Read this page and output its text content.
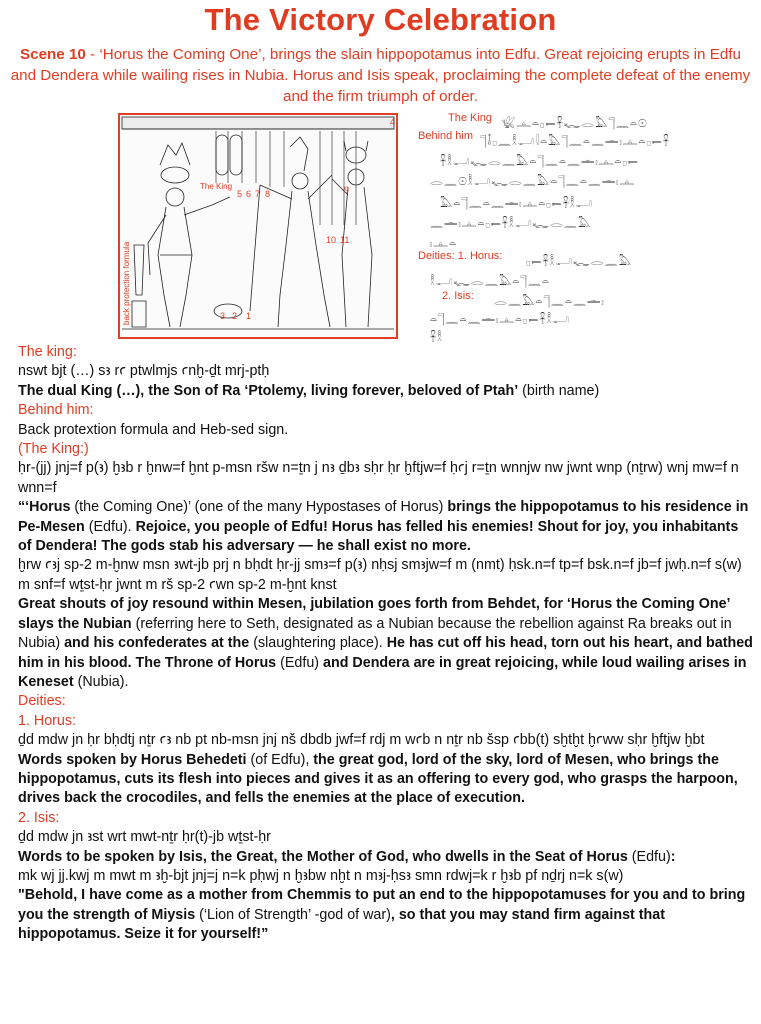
The Victory Celebration
Scene 10 - ‘Horus the Coming One’, brings the slain hippopotamus into Edfu. Great rejoicing erupts in Edfu and Dendera while wailing rises in Nubia. Horus and Isis speak, proclaiming the complete defeat of the enemy and the firm triumph of order.
The King
back protection formula
4
5 6 7 8	9
10 11
3 2 1
The King 𓆤𓊵𓏏𓊪𓍿𓋹𓆑𓂋𓅓𓊹𓈖𓏏𓇳
Behind him 𓊹𓄤𓊪𓈖𓎛𓂝𓇋𓏏𓅓𓊹𓈖𓏏𓈖𓏛𓏤𓊵𓏏𓊪𓍿𓋹
𓋹𓎛𓂝𓆑𓂋𓈖𓅓𓏏𓊹𓈖𓏏𓈖𓏛𓏤𓊵𓏏𓊪𓍿
𓂋𓈖𓇳𓎛𓂝𓆑𓂋𓈖𓅓𓏏𓊹𓈖𓏏𓈖𓏛𓏤𓊵
𓅓𓏏𓊹𓈖𓏏𓈖𓏛𓏤𓊵𓏏𓊪𓍿𓋹𓎛𓂝
𓈖𓏛𓏤𓊵𓏏𓊪𓍿𓋹𓎛𓂝𓆑𓂋𓈖𓅓
𓏤𓊵𓏏
Deities: 1. Horus: 𓊪𓍿𓋹𓎛𓂝𓆑𓂋𓈖𓅓
𓎛𓂝𓆑𓂋𓈖𓅓𓏏𓊹𓈖𓏏
2. Isis: 𓂋𓈖𓅓𓏏𓊹𓈖𓏏𓈖𓏛𓏤
𓏏𓊹𓈖𓏏𓈖𓏛𓏤𓊵𓏏𓊪𓍿𓋹𓎛𓂝
𓋹𓎛

The king:

nswt bjt (…) sꜣ rꜥ ptwlmjs ꜥnḫ-ḏt mrj-ptḥ

The dual King (…), the Son of Ra ‘Ptolemy, living forever, beloved of Ptah’ (birth name)

Behind him:

Back protextion formula and Heb-sed sign.

(The King:)

ḥr-(jj) jnj=f p(ꜣ) ḫꜣb r ḫnw=f ḫnt p-msn ršw n=ṯn j nꜣ ḏbꜣ sḥr ḥr ḫftjw=f ḥꜥj r=ṯn wnnjw nw jwnt wnp (nṯrw) wnj mw=f n wnn=f

“‘Horus (the Coming One)’ (one of the many Hypostases of Horus) brings the hippopotamus to his residence in Pe-Mesen (Edfu). Rejoice, you people of Edfu! Horus has felled his enemies! Shout for joy, you inhabitants of Dendera! The gods stab his adversary — he shall exist no more.

ḫrw ꜥꜣj sp-2 m-ḫnw msn ꜣwt-jb prj n bḥdt ḥr-jj smꜣ=f p(ꜣ) nḥsj smꜣjw=f m (nmt) ḥsk.n=f tp=f bsk.n=f jb=f jwḥ.n=f s(w) m snf=f wṯst-ḥr jwnt m rš sp-2 ꜥwn sp-2 m-ḫnt knst

Great shouts of joy resound within Mesen, jubilation goes forth from Behdet, for ‘Horus the Coming One’ slays the Nubian (referring here to Seth, designated as a Nubian because the rebellion against Ra breaks out in Nubia) and his confederates at the (slaughtering place). He has cut off his head, torn out his heart, and bathed him in his blood. The Throne of Horus (Edfu) and Dendera are in great rejoicing, while loud wailing arises in Keneset (Nubia).

Deities:

1. Horus:

ḏd mdw jn ḥr bḥdtj nṯr ꜥꜣ nb pt nb-msn jnj nš dbdb jwf=f rdj m wꜥb n nṯr nb šsp ꜥbb(t) sḫtḫt ḫꜥww sḥr ḫftjw ḫbt

Words spoken by Horus Behedeti (of Edfu), the great god, lord of the sky, lord of Mesen, who brings the hippopotamus, cuts its flesh into pieces and gives it as an offering to every god, who grasps the harpoon, drives back the crocodiles, and fells the enemies at the place of execution.

2. Isis:

ḏd mdw jn ꜣst wrt mwt-nṯr ḥr(t)-jb wṯst-ḥr

Words to be spoken by Isis, the Great, the Mother of God, who dwells in the Seat of Horus (Edfu):

mk wj jj.kwj m mwt m ꜣḫ-bjt jnj=j n=k pḥwj n ḫꜣbw nḫt n mꜣj-ḥsꜣ smn rdwj=k r ḫꜣb pf nḏrj n=k s(w)

"Behold, I have come as a mother from Chemmis to put an end to the hippopotamuses for you and to bring you the strength of Miysis (‘Lion of Strength’ -god of war), so that you may stand firm against that hippopotamus. Seize it for yourself!”
